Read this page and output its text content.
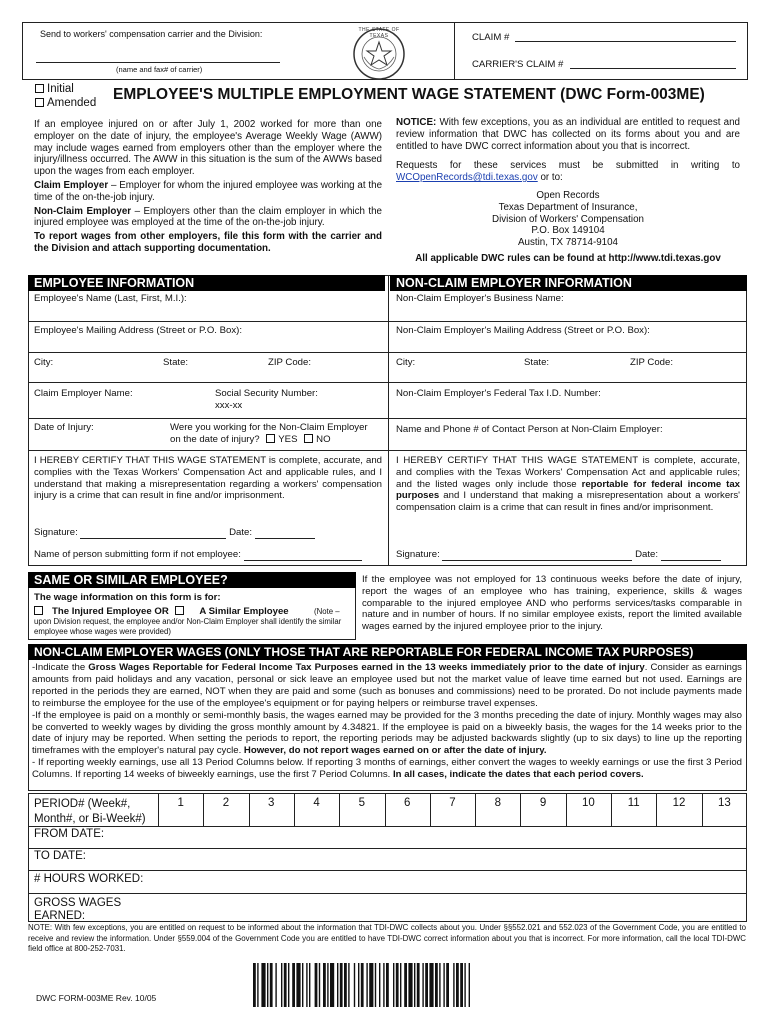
Send to workers' compensation carrier and the Division:
(name and fax# of carrier)
THE STATE OF TEXAS	CLAIM #
CARRIER'S CLAIM #
Initial
Amended EMPLOYEE'S MULTIPLE EMPLOYMENT WAGE STATEMENT (DWC Form-003ME)
If an employee injured on or after July 1, 2002 worked for more than one employer on the date of injury, the employee's Average Weekly Wage (AWW) may include wages earned from employers other than the employer where the injury/illness occurred. The AWW in this situation is the sum of the AWWs based upon the wages from each employer.
Claim Employer – Employer for whom the injured employee was working at the time of the on-the-job injury.
Non-Claim Employer – Employers other than the claim employer in which the injured employee was employed at the time of the on-the-job injury.
To report wages from other employers, file this form with the carrier and the Division and attach supporting documentation.
NOTICE: With few exceptions, you as an individual are entitled to request and review information that DWC has collected on its forms about you and are entitled to have DWC correct information about you that is incorrect.
Requests for these services must be submitted in writing to
WCOpenRecords@tdi.texas.gov or to:
Open Records
Texas Department of Insurance,
Division of Workers' Compensation
P.O. Box 149104
Austin, TX 78714-9104
All applicable DWC rules can be found at http://www.tdi.texas.gov
EMPLOYEE INFORMATION	NON-CLAIM EMPLOYER INFORMATION
Employee's Name (Last, First, M.I.):
Employee's Mailing Address (Street or P.O. Box):
City:	State:	ZIP Code:
Claim Employer Name:	Social Security Number:
xxx-xx
Date of Injury:	Were you working for the Non-Claim Employer
on the date of injury? YES NO
I HEREBY CERTIFY THAT THIS WAGE STATEMENT is complete, accurate, and complies with the Texas Workers' Compensation Act and applicable rules, and I understand that making a misrepresentation regarding a workers' compensation injury is a crime that can result in fine and/or imprisonment.
Signature:	Date:
Name of person submitting form if not employee:
Non-Claim Employer's Business Name:
Non-Claim Employer's Mailing Address (Street or P.O. Box):
City:	State:	ZIP Code:
Non-Claim Employer's Federal Tax I.D. Number:
Name and Phone # of Contact Person at Non-Claim Employer:
I HEREBY CERTIFY THAT THIS WAGE STATEMENT is complete, accurate, and complies with the Texas Workers' Compensation Act and applicable rules; and the listed wages only include those reportable for federal income tax purposes and I understand that making a misrepresentation about a workers' compensation claim is a crime that can result in fines and/or imprisonment.
Signature:	Date:
SAME OR SIMILAR EMPLOYEE?
The wage information on this form is for:
The Injured Employee OR	A Similar Employee	(Note – upon Division request, the employee and/or Non-Claim Employer shall identify the similar employee whose wages were provided)
If the employee was not employed for 13 continuous weeks before the date of injury, report the wages of an employee who has training, experience, skills & wages comparable to the injured employee AND who performs services/tasks comparable in nature and in number of hours. If no similar employee exists, report the limited available wages earned by the injured employee prior to the injury.
NON-CLAIM EMPLOYER WAGES (ONLY THOSE THAT ARE REPORTABLE FOR FEDERAL INCOME TAX PURPOSES)
-Indicate the Gross Wages Reportable for Federal Income Tax Purposes earned in the 13 weeks immediately prior to the date of injury. Consider as earnings amounts from paid holidays and any vacation, personal or sick leave an employee used but not the market value of leave time earned but not used. Earnings are reported in the periods they are earned, NOT when they are paid and some (such as bonuses and commissions) need to be prorated. Do not include payments made to reimburse the employee for the use of the employee's equipment or for paying helpers or reimburse travel expenses.
-If the employee is paid on a monthly or semi-monthly basis, the wages earned may be provided for the 3 months preceding the date of injury. Monthly wages may also be converted to weekly wages by dividing the gross monthly amount by 4.34821. If the employee is paid on a biweekly basis, the wages for the 14 weeks prior to the date of injury may be reported. When setting the periods to report, the reporting periods may be adjusted backwards slightly (up to six days) to line up the reporting timeframes with the employer's natural pay cycle. However, do not report wages earned on or after the date of injury.
- If reporting weekly earnings, use all 13 Period Columns below. If reporting 3 months of earnings, either convert the wages to weekly earnings or use the first 3 Period Columns. If reporting 14 weeks of biweekly earnings, use the first 7 Period Columns. In all cases, indicate the dates that each period covers.
1	2	3	4	5	6	7	8	9	10	11	12	13
PERIOD# (Week#, Month#, or Bi-Week#)
FROM DATE:
TO DATE:
# HOURS WORKED:
GROSS WAGES EARNED:
NOTE: With few exceptions, you are entitled on request to be informed about the information that TDI-DWC collects about you. Under §§552.021 and 552.023 of the Government Code, you are entitled to receive and review the information. Under §559.004 of the Government Code you are entitled to have TDI-DWC correct information about you that is incorrect. For more information, call the local TDI-DWC field office at 800-252-7031.
DWC FORM-003ME Rev. 10/05
